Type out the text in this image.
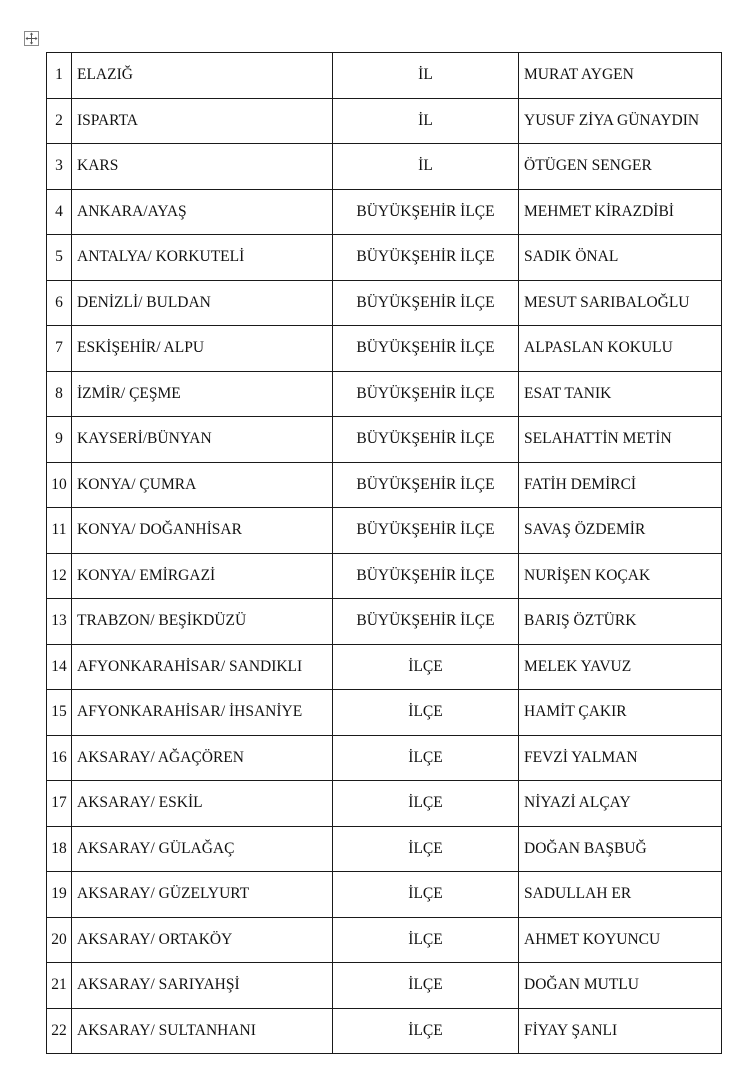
1	ELAZIĞ	İL	MURAT AYGEN
2	ISPARTA	İL	YUSUF ZİYA GÜNAYDIN
3	KARS	İL	ÖTÜGEN SENGER
4	ANKARA/AYAŞ	BÜYÜKŞEHİR İLÇE	MEHMET KİRAZDİBİ
5	ANTALYA/ KORKUTELİ	BÜYÜKŞEHİR İLÇE	SADIK ÖNAL
6	DENİZLİ/ BULDAN	BÜYÜKŞEHİR İLÇE	MESUT SARIBALOĞLU
7	ESKİŞEHİR/ ALPU	BÜYÜKŞEHİR İLÇE	ALPASLAN KOKULU
8	İZMİR/ ÇEŞME	BÜYÜKŞEHİR İLÇE	ESAT TANIK
9	KAYSERİ/BÜNYAN	BÜYÜKŞEHİR İLÇE	SELAHATTİN METİN
10	KONYA/ ÇUMRA	BÜYÜKŞEHİR İLÇE	FATİH DEMİRCİ
11	KONYA/ DOĞANHİSAR	BÜYÜKŞEHİR İLÇE	SAVAŞ ÖZDEMİR
12	KONYA/ EMİRGAZİ	BÜYÜKŞEHİR İLÇE	NURİŞEN KOÇAK
13	TRABZON/ BEŞİKDÜZÜ	BÜYÜKŞEHİR İLÇE	BARIŞ ÖZTÜRK
14	AFYONKARAHİSAR/ SANDIKLI	İLÇE	MELEK YAVUZ
15	AFYONKARAHİSAR/ İHSANİYE	İLÇE	HAMİT ÇAKIR
16	AKSARAY/ AĞAÇÖREN	İLÇE	FEVZİ YALMAN
17	AKSARAY/ ESKİL	İLÇE	NİYAZİ ALÇAY
18	AKSARAY/ GÜLAĞAÇ	İLÇE	DOĞAN BAŞBUĞ
19	AKSARAY/ GÜZELYURT	İLÇE	SADULLAH ER
20	AKSARAY/ ORTAKÖY	İLÇE	AHMET KOYUNCU
21	AKSARAY/ SARIYAHŞİ	İLÇE	DOĞAN MUTLU
22	AKSARAY/ SULTANHANI	İLÇE	FİYAY ŞANLI
